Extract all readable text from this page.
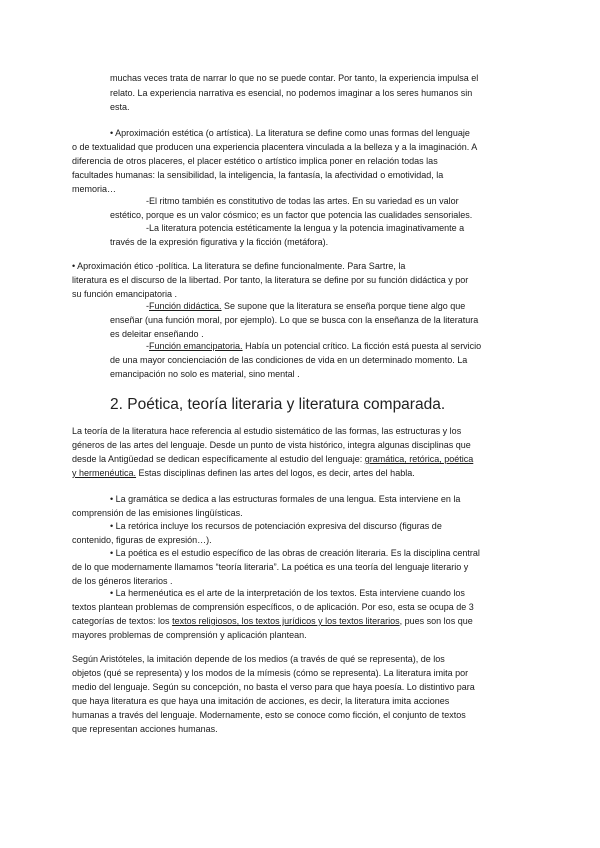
muchas veces trata de narrar lo que no se puede contar. Por tanto, la experiencia impulsa el

relato. La experiencia narrativa es esencial, no podemos imaginar a los seres humanos sin

esta.

• Aproximación estética (o artística). La literatura se define como unas formas del lenguaje

o de textualidad que producen una experiencia placentera vinculada a la belleza y a la imaginación. A

diferencia de otros placeres, el placer estético o artístico implica poner en relación todas las

facultades humanas: la sensibilidad, la inteligencia, la fantasía, la afectividad o emotividad, la

memoria…

-El ritmo también es constitutivo de todas las artes. En su variedad es un valor

estético, porque es un valor cósmico; es un factor que potencia las cualidades sensoriales.

-La literatura potencia estéticamente la lengua y la potencia imaginativamente a

través de la expresión figurativa y la ficción (metáfora).

• Aproximación ético -política. La literatura se define funcionalmente. Para Sartre, la

literatura es el discurso de la libertad. Por tanto, la literatura se define por su función didáctica y por

su función emancipatoria .

-Función didáctica. Se supone que la literatura se enseña porque tiene algo que

enseñar (una función moral, por ejemplo). Lo que se busca con la enseñanza de la literatura

es deleitar enseñando .

-Función emancipatoria. Había un potencial crítico. La ficción está puesta al servicio

de una mayor concienciación de las condiciones de vida en un determinado momento. La

emancipación no solo es material, sino mental .

2. Poética, teoría literaria y literatura comparada.

La teoría de la literatura hace referencia al estudio sistemático de las formas, las estructuras y los

géneros de las artes del lenguaje. Desde un punto de vista histórico, integra algunas disciplinas que

desde la Antigüedad se dedican específicamente al estudio del lenguaje: gramática, retórica, poética

y hermenéutica. Estas disciplinas definen las artes del logos, es decir, artes del habla.

• La gramática se dedica a las estructuras formales de una lengua. Esta interviene en la

comprensión de las emisiones lingüísticas.

• La retórica incluye los recursos de potenciación expresiva del discurso (figuras de

contenido, figuras de expresión…).

• La poética es el estudio específico de las obras de creación literaria. Es la disciplina central

de lo que modernamente llamamos “teoría literaria”. La poética es una teoría del lenguaje literario y

de los géneros literarios .

• La hermenéutica es el arte de la interpretación de los textos. Esta interviene cuando los

textos plantean problemas de comprensión específicos, o de aplicación. Por eso, esta se ocupa de 3

categorías de textos: los textos religiosos, los textos jurídicos y los textos literarios, pues son los que

mayores problemas de comprensión y aplicación plantean.

Según Aristóteles, la imitación depende de los medios (a través de qué se representa), de los

objetos (qué se representa) y los modos de la mímesis (cómo se representa). La literatura imita por

medio del lenguaje. Según su concepción, no basta el verso para que haya poesía. Lo distintivo para

que haya literatura es que haya una imitación de acciones, es decir, la literatura imita acciones

humanas a través del lenguaje. Modernamente, esto se conoce como ficción, el conjunto de textos

que representan acciones humanas.
